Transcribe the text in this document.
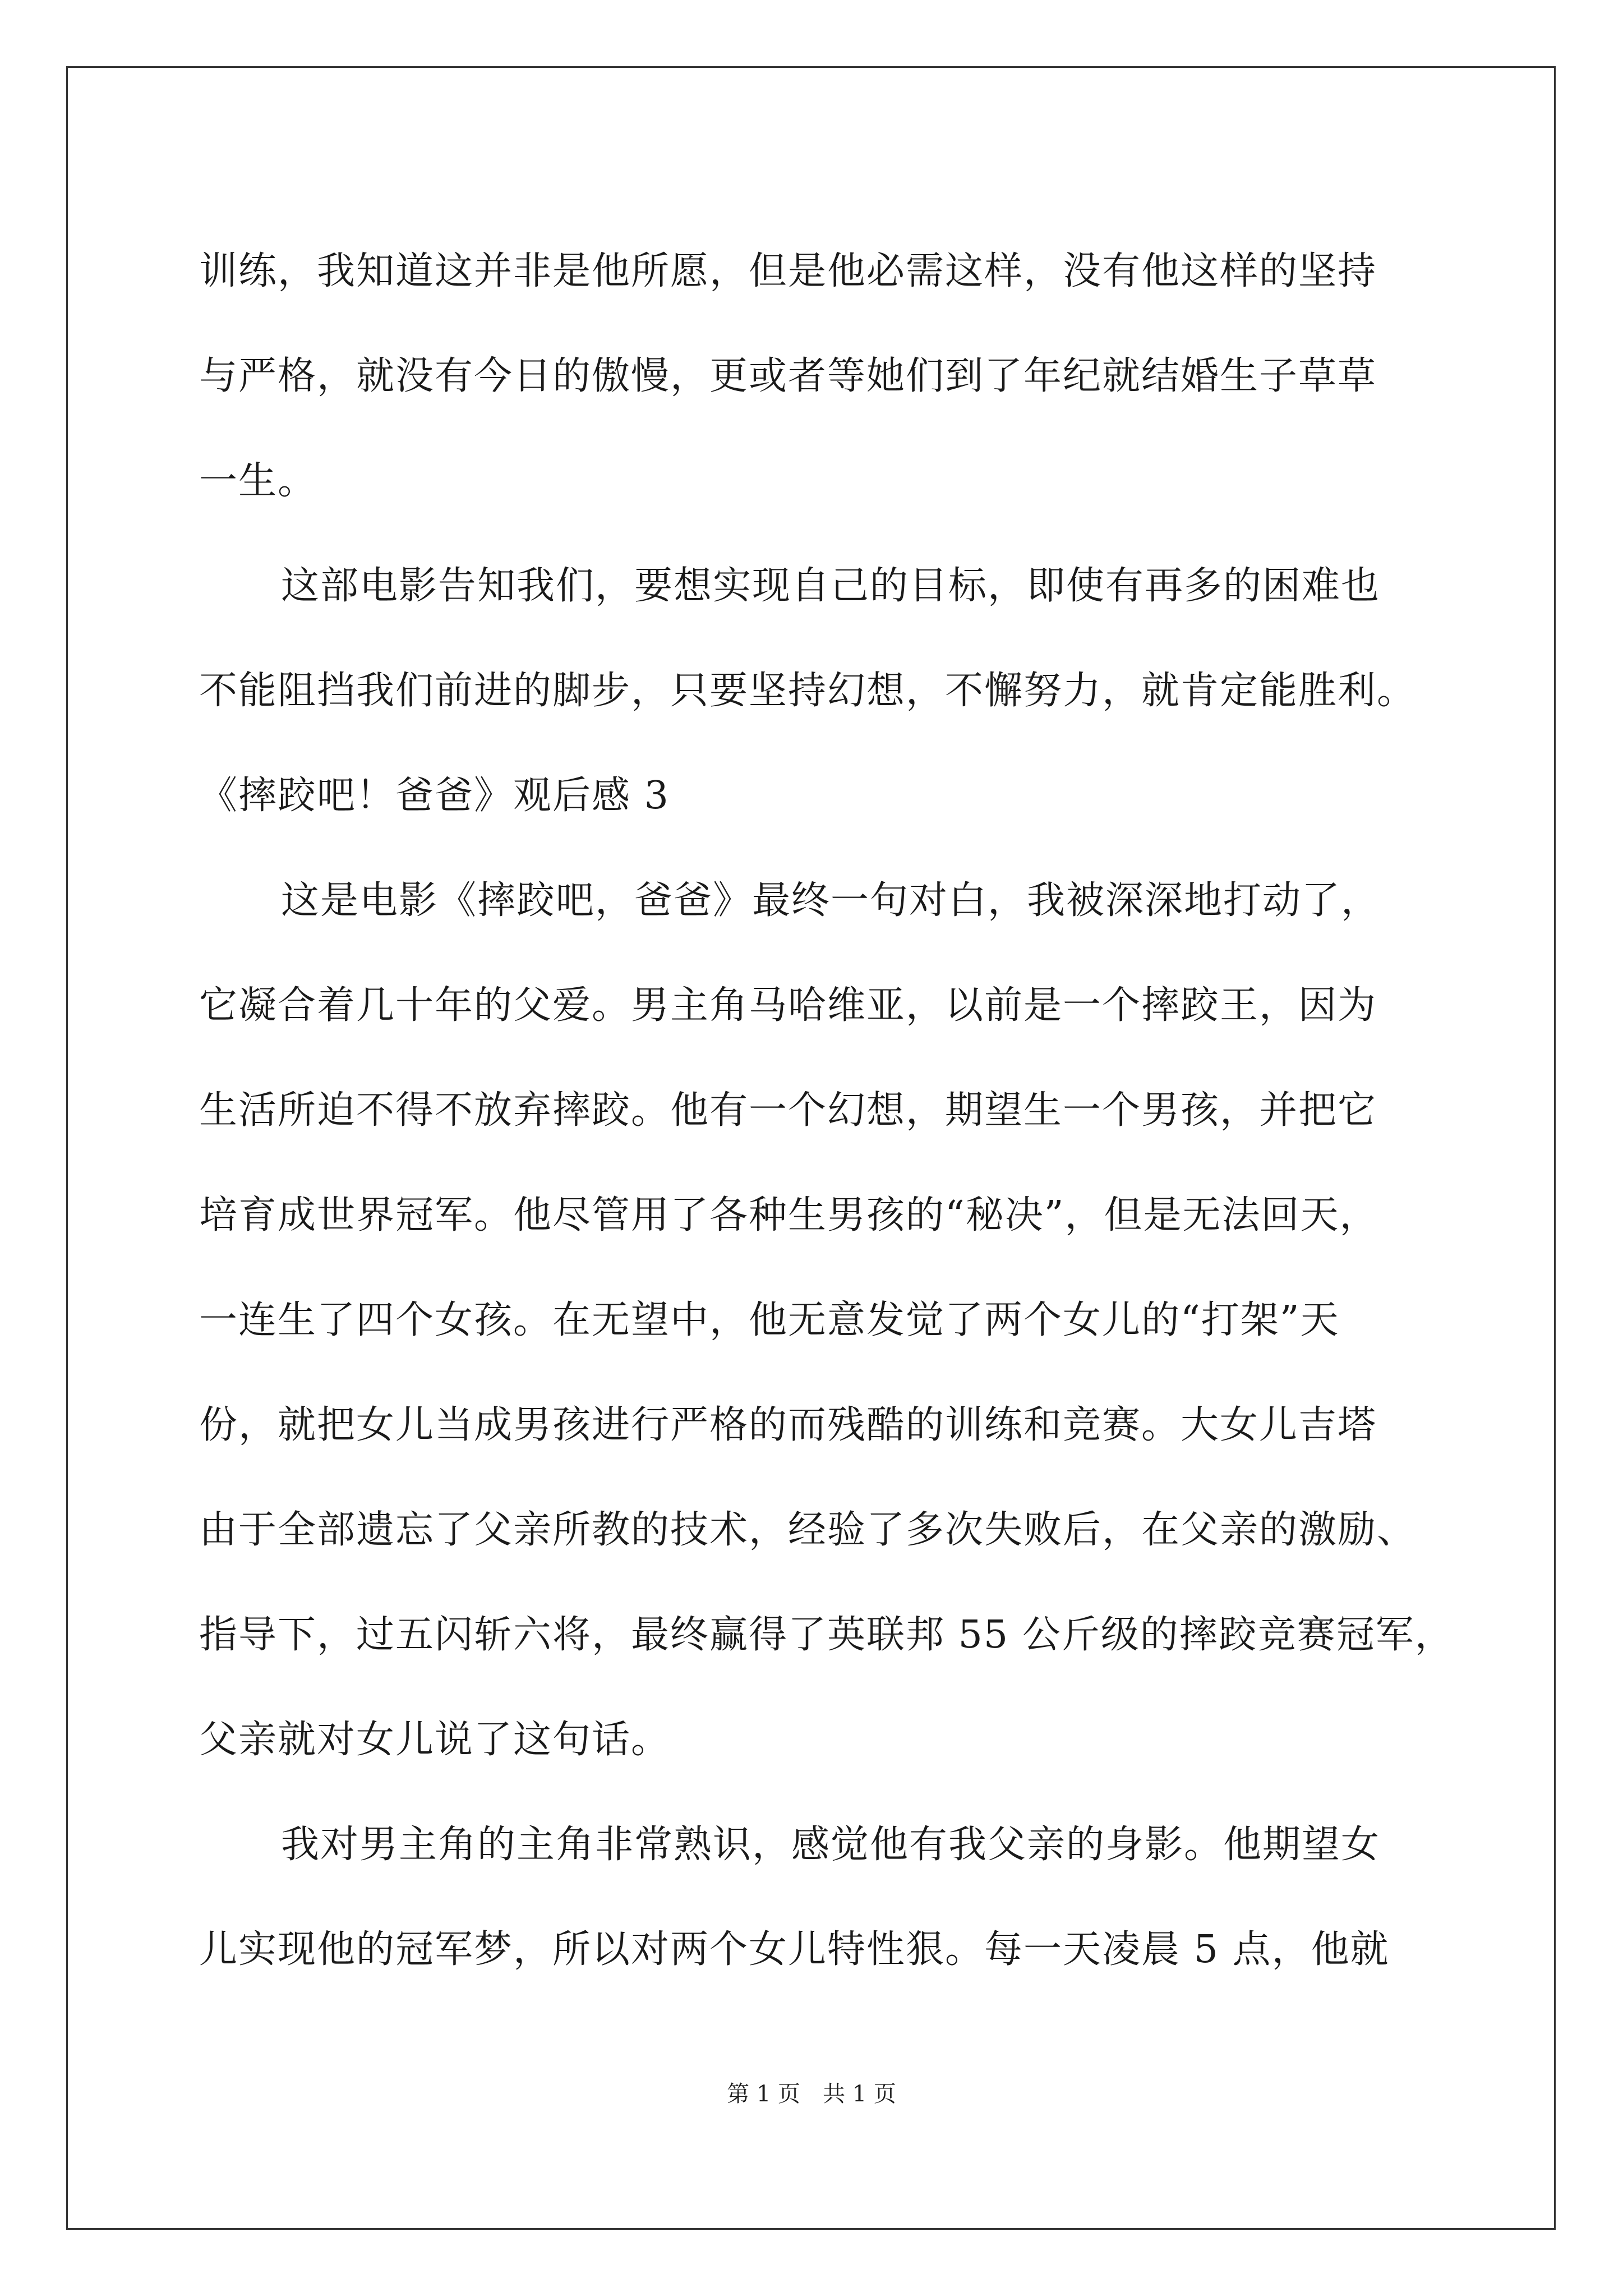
训练，我知道这并非是他所愿，但是他必需这样，没有他这样的坚持
与严格，就没有今日的傲慢，更或者等她们到了年纪就结婚生子草草
一生。
这部电影告知我们，要想实现自己的目标，即使有再多的困难也
不能阻挡我们前进的脚步，只要坚持幻想，不懈努力，就肯定能胜利。
《摔跤吧！爸爸》观后感 3
这是电影《摔跤吧，爸爸》最终一句对白，我被深深地打动了，
它凝合着几十年的父爱。男主角马哈维亚，以前是一个摔跤王，因为
生活所迫不得不放弃摔跤。他有一个幻想，期望生一个男孩，并把它
培育成世界冠军。他尽管用了各种生男孩的“秘决”，但是无法回天，
一连生了四个女孩。在无望中，他无意发觉了两个女儿的“打架”天
份，就把女儿当成男孩进行严格的而残酷的训练和竞赛。大女儿吉塔
由于全部遗忘了父亲所教的技术，经验了多次失败后，在父亲的激励、
指导下，过五闪斩六将，最终赢得了英联邦 55 公斤级的摔跤竞赛冠军，
父亲就对女儿说了这句话。
我对男主角的主角非常熟识，感觉他有我父亲的身影。他期望女
儿实现他的冠军梦，所以对两个女儿特性狠。每一天凌晨 5 点，他就
第 1 页　共 1 页
